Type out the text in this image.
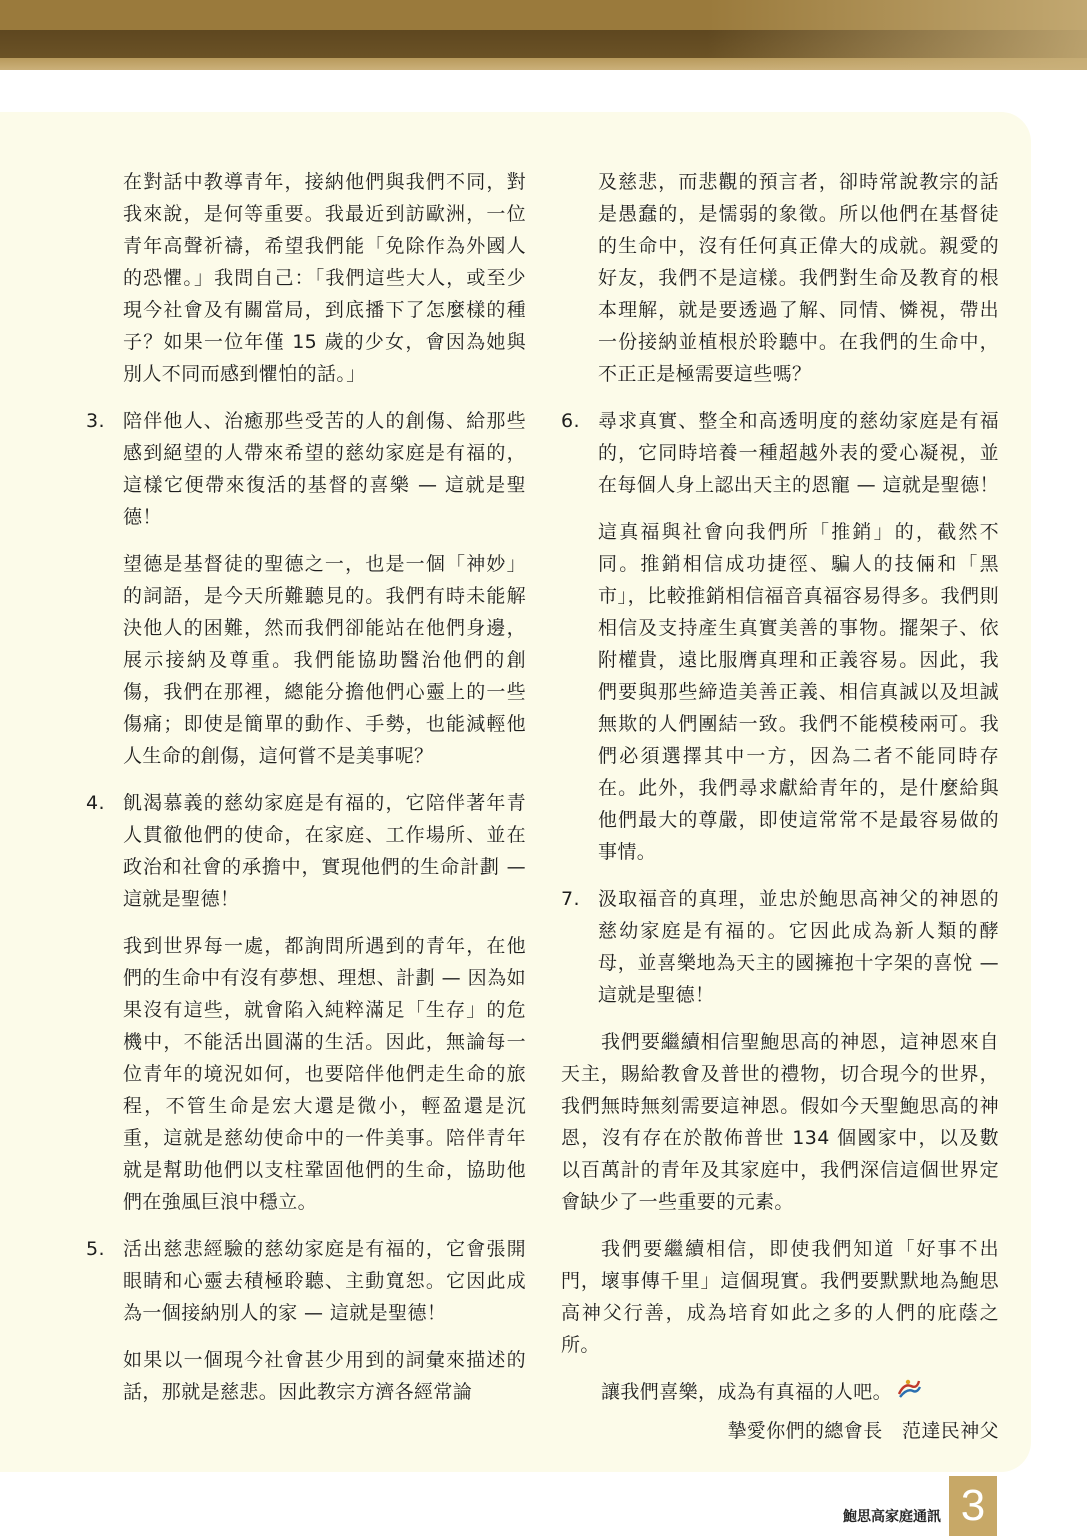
在對話中教導青年，接納他們與我們不同，對我來說，是何等重要。我最近到訪歐洲，一位青年高聲祈禱，希望我們能「免除作為外國人的恐懼。」我問自己：「我們這些大人，或至少現今社會及有關當局，到底播下了怎麼樣的種子？如果一位年僅 15 歲的少女，會因為她與別人不同而感到懼怕的話。」

3. 陪伴他人、治癒那些受苦的人的創傷、給那些感到絕望的人帶來希望的慈幼家庭是有福的，這樣它便帶來復活的基督的喜樂 — 這就是聖德！

望德是基督徒的聖德之一，也是一個「神妙」的詞語，是今天所難聽見的。我們有時未能解決他人的困難，然而我們卻能站在他們身邊，展示接納及尊重。我們能協助醫治他們的創傷，我們在那裡，總能分擔他們心靈上的一些傷痛；即使是簡單的動作、手勢，也能減輕他人生命的創傷，這何嘗不是美事呢？

4. 飢渴慕義的慈幼家庭是有福的，它陪伴著年青人貫徹他們的使命，在家庭、工作場所、並在政治和社會的承擔中，實現他們的生命計劃 — 這就是聖德！

我到世界每一處，都詢問所遇到的青年，在他們的生命中有沒有夢想、理想、計劃 — 因為如果沒有這些，就會陷入純粹滿足「生存」的危機中，不能活出圓滿的生活。因此，無論每一位青年的境況如何，也要陪伴他們走生命的旅程，不管生命是宏大還是微小，輕盈還是沉重，這就是慈幼使命中的一件美事。陪伴青年就是幫助他們以支柱鞏固他們的生命，協助他們在強風巨浪中穩立。

5. 活出慈悲經驗的慈幼家庭是有福的，它會張開眼睛和心靈去積極聆聽、主動寬恕。它因此成為一個接納別人的家 — 這就是聖德！

如果以一個現今社會甚少用到的詞彙來描述的話，那就是慈悲。因此教宗方濟各經常論

及慈悲，而悲觀的預言者，卻時常說教宗的話是愚蠢的，是懦弱的象徵。所以他們在基督徒的生命中，沒有任何真正偉大的成就。親愛的好友，我們不是這樣。我們對生命及教育的根本理解，就是要透過了解、同情、憐視，帶出一份接納並植根於聆聽中。在我們的生命中，不正正是極需要這些嗎？

6. 尋求真實、整全和高透明度的慈幼家庭是有福的，它同時培養一種超越外表的愛心凝視，並在每個人身上認出天主的恩寵 — 這就是聖德！

這真福與社會向我們所「推銷」的，截然不同。推銷相信成功捷徑、騙人的技倆和「黑市」，比較推銷相信福音真福容易得多。我們則相信及支持產生真實美善的事物。擺架子、依附權貴，遠比服膺真理和正義容易。因此，我們要與那些締造美善正義、相信真誠以及坦誠無欺的人們團結一致。我們不能模稜兩可。我們必須選擇其中一方，因為二者不能同時存在。此外，我們尋求獻給青年的，是什麼給與他們最大的尊嚴，即使這常常不是最容易做的事情。

7. 汲取福音的真理，並忠於鮑思高神父的神恩的慈幼家庭是有福的。它因此成為新人類的酵母，並喜樂地為天主的國擁抱十字架的喜悅 — 這就是聖德！

我們要繼續相信聖鮑思高的神恩，這神恩來自天主，賜給教會及普世的禮物，切合現今的世界，我們無時無刻需要這神恩。假如今天聖鮑思高的神恩，沒有存在於散佈普世 134 個國家中，以及數以百萬計的青年及其家庭中，我們深信這個世界定會缺少了一些重要的元素。

我們要繼續相信，即使我們知道「好事不出門，壞事傳千里」這個現實。我們要默默地為鮑思高神父行善，成為培育如此之多的人們的庇蔭之所。

讓我們喜樂，成為有真福的人吧。

摯愛你們的總會長　范達民神父

鮑思高家庭通訊 3
